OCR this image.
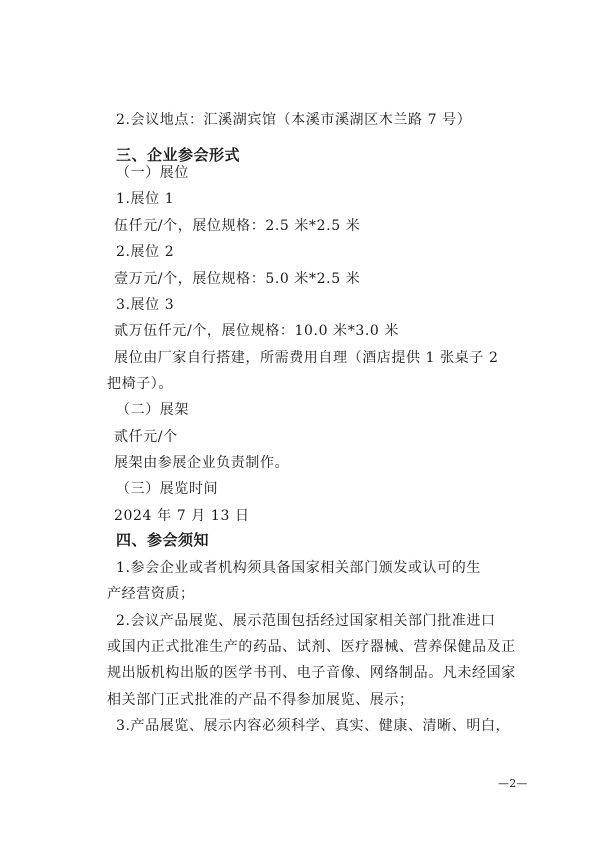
2.会议地点：汇溪湖宾馆（本溪市溪湖区木兰路 7 号）
三、企业参会形式
（一）展位
1.展位 1
伍仟元/个，展位规格：2.5 米*2.5 米
2.展位 2
壹万元/个，展位规格：5.0 米*2.5 米
3.展位 3
贰万伍仟元/个，展位规格：10.0 米*3.0 米
展位由厂家自行搭建，所需费用自理（酒店提供 1 张桌子 2
把椅子）。
（二）展架
贰仟元/个
展架由参展企业负责制作。
（三）展览时间
2024 年 7 月 13 日
四、参会须知
1.参会企业或者机构须具备国家相关部门颁发或认可的生
产经营资质；
2.会议产品展览、展示范围包括经过国家相关部门批准进口
或国内正式批准生产的药品、试剂、医疗器械、营养保健品及正
规出版机构出版的医学书刊、电子音像、网络制品。凡未经国家
相关部门正式批准的产品不得参加展览、展示；
3.产品展览、展示内容必须科学、真实、健康、清晰、明白，
—2—
